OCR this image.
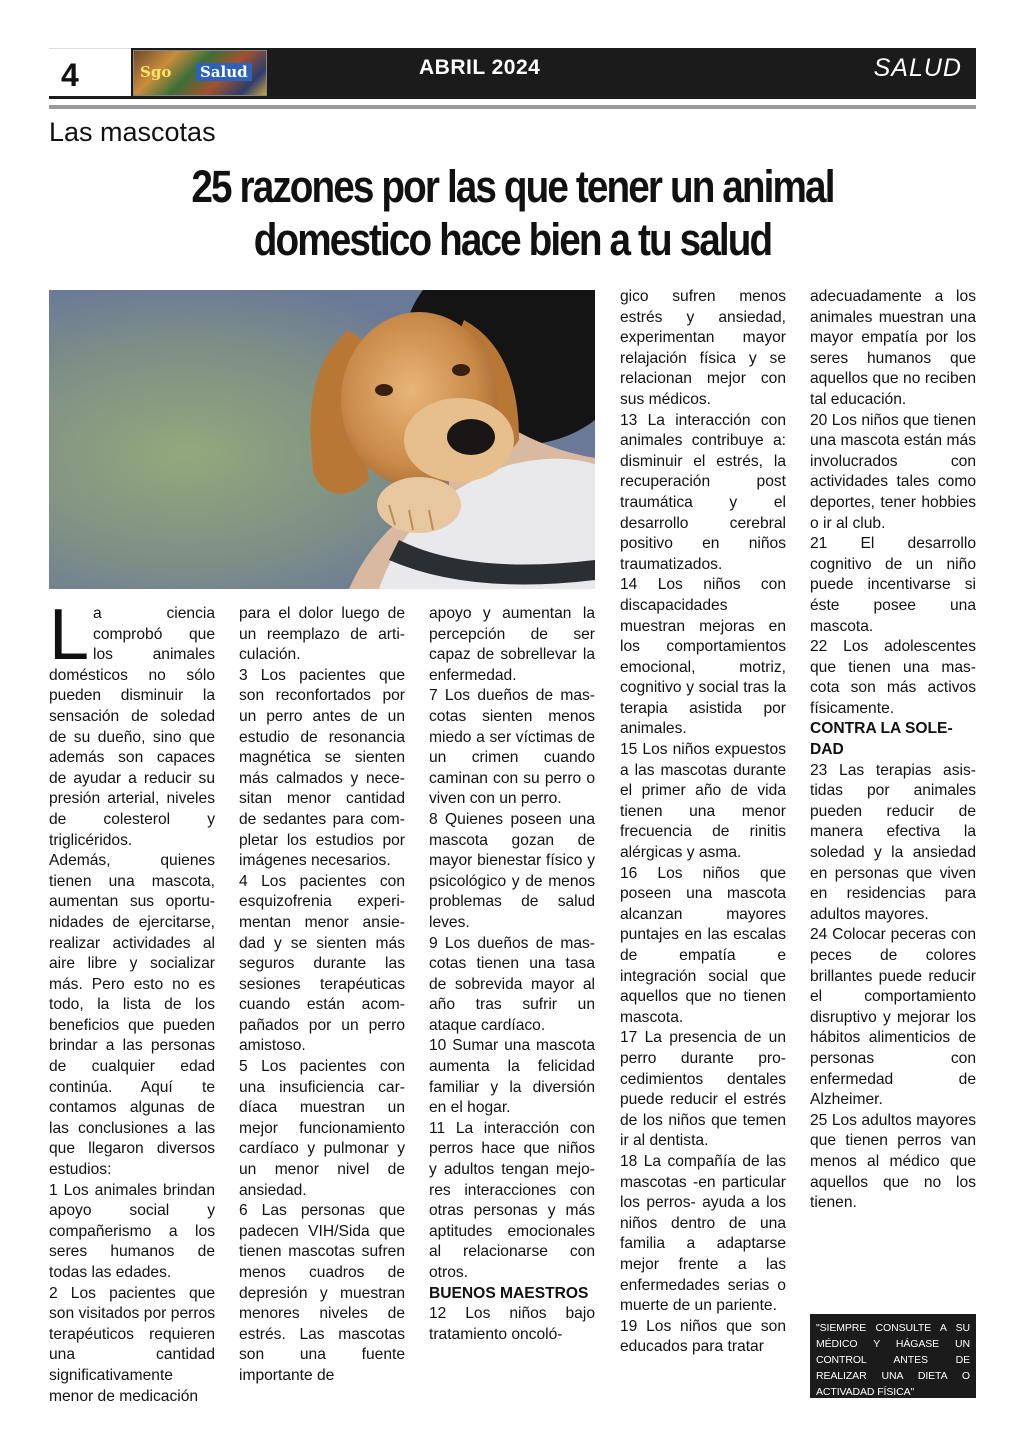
4	Sgo Salud	ABRIL 2024	SALUD
Las mascotas
25 razones por las que tener un animal
domestico hace bien a tu salud

La ciencia comprobó que los animales domésticos no sólo pueden disminuir la sensación de soledad de su dueño, sino que además son capaces de ayudar a reducir su presión arterial, niveles de colesterol y triglicéridos.

Además, quienes tienen una mascota, aumentan sus oportunidades de ejercitarse, realizar actividades al aire libre y socializar más. Pero esto no es todo, la lista de los beneficios que pueden brindar a las personas de cualquier edad continúa. Aquí te contamos algunas de las conclusiones a las que llegaron diversos estudios:

1 Los animales brindan apoyo social y compañerismo a los seres humanos de todas las edades.

2 Los pacientes que son visitados por perros terapéuticos requieren una cantidad significativamente menor de medicación

para el dolor luego de un reemplazo de articulación.

3 Los pacientes que son reconfortados por un perro antes de un estudio de resonancia magnética se sienten más calmados y necesitan menor cantidad de sedantes para completar los estudios por imágenes necesarios.

4 Los pacientes con esquizofrenia experimentan menor ansiedad y se sienten más seguros durante las sesiones terapéuticas cuando están acompañados por un perro amistoso.

5 Los pacientes con una insuficiencia cardíaca muestran un mejor funcionamiento cardíaco y pulmonar y un menor nivel de ansiedad.

6 Las personas que padecen VIH/Sida que tienen mascotas sufren menos cuadros de depresión y muestran menores niveles de estrés. Las mascotas son una fuente importante de

apoyo y aumentan la percepción de ser capaz de sobrellevar la enfermedad.

7 Los dueños de mascotas sienten menos miedo a ser víctimas de un crimen cuando caminan con su perro o viven con un perro.

8 Quienes poseen una mascota gozan de mayor bienestar físico y psicológico y de menos problemas de salud leves.

9 Los dueños de mascotas tienen una tasa de sobrevida mayor al año tras sufrir un ataque cardíaco.

10 Sumar una mascota aumenta la felicidad familiar y la diversión en el hogar.

11 La interacción con perros hace que niños y adultos tengan mejores interacciones con otras personas y más aptitudes emocionales al relacionarse con otros.

BUENOS MAESTROS

12 Los niños bajo tratamiento oncoló-

gico sufren menos estrés y ansiedad, experimentan mayor relajación física y se relacionan mejor con sus médicos.

13 La interacción con animales contribuye a: disminuir el estrés, la recuperación post traumática y el desarrollo cerebral positivo en niños traumatizados.

14 Los niños con discapacidades muestran mejoras en los comportamientos emocional, motriz, cognitivo y social tras la terapia asistida por animales.

15 Los niños expuestos a las mascotas durante el primer año de vida tienen una menor frecuencia de rinitis alérgicas y asma.

16 Los niños que poseen una mascota alcanzan mayores puntajes en las escalas de empatía e integración social que aquellos que no tienen mascota.

17 La presencia de un perro durante procedimientos dentales puede reducir el estrés de los niños que temen ir al dentista.

18 La compañía de las mascotas -en particular los perros- ayuda a los niños dentro de una familia a adaptarse mejor frente a las enfermedades serias o muerte de un pariente.

19 Los niños que son educados para tratar

adecuadamente a los animales muestran una mayor empatía por los seres humanos que aquellos que no reciben tal educación.

20 Los niños que tienen una mascota están más involucrados con actividades tales como deportes, tener hobbies o ir al club.

21 El desarrollo cognitivo de un niño puede incentivarse si éste posee una mascota.

22 Los adolescentes que tienen una mascota son más activos físicamente.

CONTRA LA SOLEDAD

23 Las terapias asistidas por animales pueden reducir de manera efectiva la soledad y la ansiedad en personas que viven en residencias para adultos mayores.

24 Colocar peceras con peces de colores brillantes puede reducir el comportamiento disruptivo y mejorar los hábitos alimenticios de personas con enfermedad de Alzheimer.

25 Los adultos mayores que tienen perros van menos al médico que aquellos que no los tienen.

"SIEMPRE CONSULTE A SU MÉDICO Y HÁGASE UN CONTROL ANTES DE REALIZAR UNA DIETA O ACTIVADAD FÍSICA"
